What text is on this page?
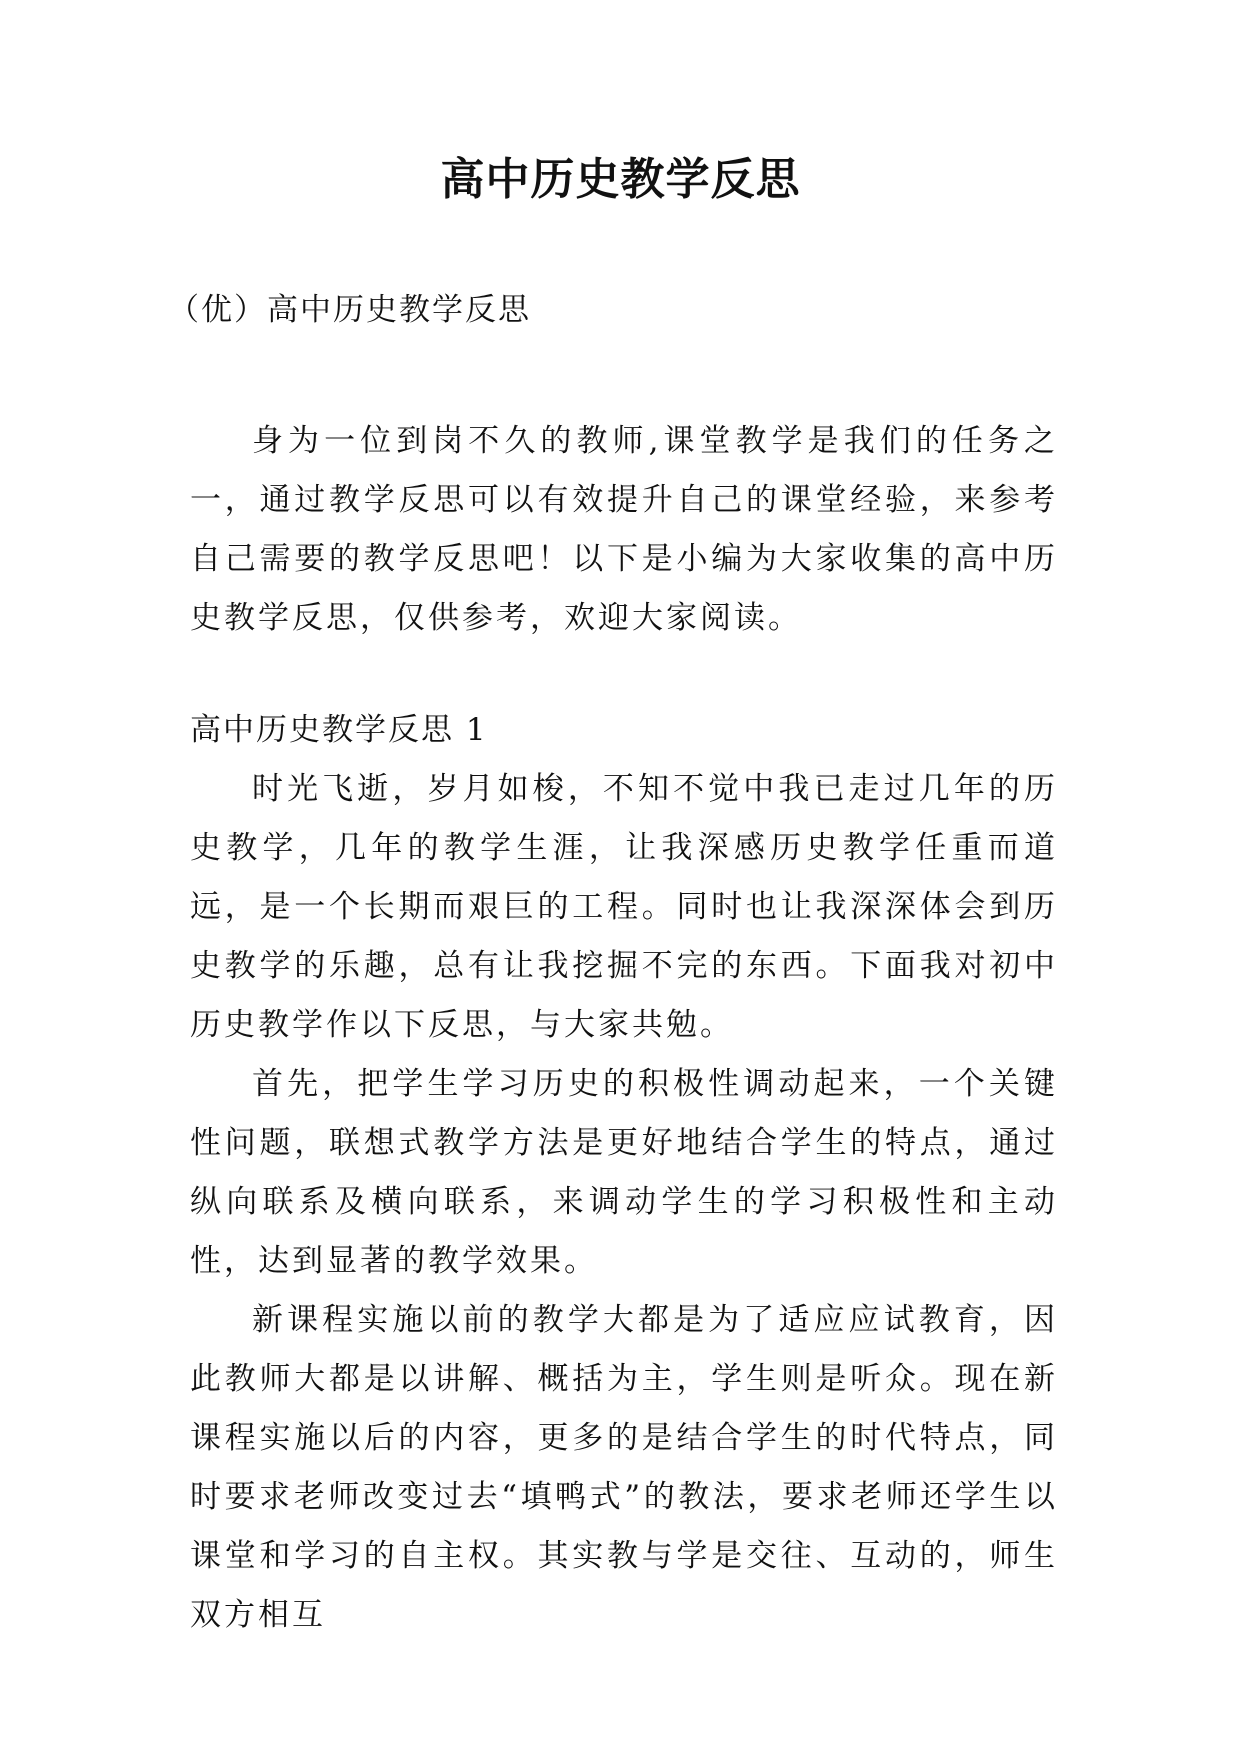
高中历史教学反思
（优）高中历史教学反思

身为一位到岗不久的教师,课堂教学是我们的任务之一，通过教学反思可以有效提升自己的课堂经验，来参考自己需要的教学反思吧！以下是小编为大家收集的高中历史教学反思，仅供参考，欢迎大家阅读。

高中历史教学反思 1

时光飞逝，岁月如梭，不知不觉中我已走过几年的历史教学，几年的教学生涯，让我深感历史教学任重而道远，是一个长期而艰巨的工程。同时也让我深深体会到历史教学的乐趣，总有让我挖掘不完的东西。下面我对初中历史教学作以下反思，与大家共勉。

首先，把学生学习历史的积极性调动起来，一个关键性问题，联想式教学方法是更好地结合学生的特点，通过纵向联系及横向联系，来调动学生的学习积极性和主动性，达到显著的教学效果。

新课程实施以前的教学大都是为了适应应试教育，因此教师大都是以讲解、概括为主，学生则是听众。现在新课程实施以后的内容，更多的是结合学生的时代特点，同时要求老师改变过去“填鸭式”的教法，要求老师还学生以课堂和学习的自主权。其实教与学是交往、互动的，师生双方相互
